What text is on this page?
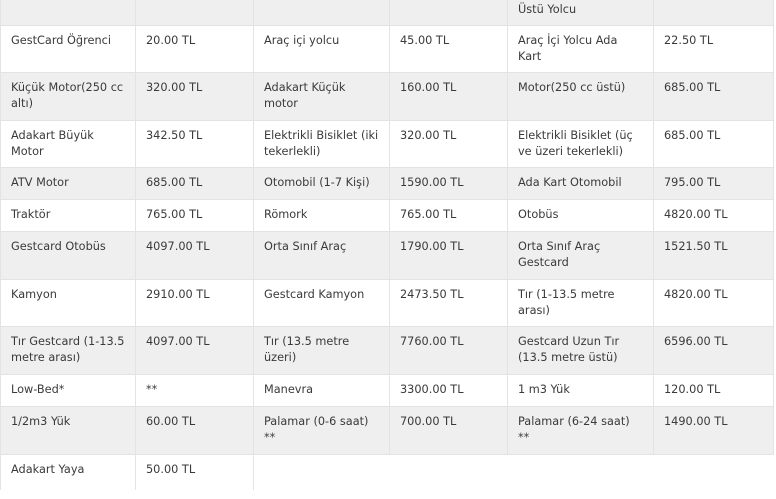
				Üstü Yolcu	
GestCard Öğrenci	20.00 TL	Araç içi yolcu	45.00 TL	Araç İçi Yolcu Ada Kart	22.50 TL
Küçük Motor(250 cc altı)	320.00 TL	Adakart Küçük motor	160.00 TL	Motor(250 cc üstü)	685.00 TL
Adakart Büyük Motor	342.50 TL	Elektrikli Bisiklet (iki tekerlekli)	320.00 TL	Elektrikli Bisiklet (üç ve üzeri tekerlekli)	685.00 TL
ATV Motor	685.00 TL	Otomobil (1-7 Kişi)	1590.00 TL	Ada Kart Otomobil	795.00 TL
Traktör	765.00 TL	Römork	765.00 TL	Otobüs	4820.00 TL
Gestcard Otobüs	4097.00 TL	Orta Sınıf Araç	1790.00 TL	Orta Sınıf Araç Gestcard	1521.50 TL
Kamyon	2910.00 TL	Gestcard Kamyon	2473.50 TL	Tır (1-13.5 metre arası)	4820.00 TL
Tır Gestcard (1-13.5 metre arası)	4097.00 TL	Tır (13.5 metre üzeri)	7760.00 TL	Gestcard Uzun Tır (13.5 metre üstü)	6596.00 TL
Low-Bed*	**	Manevra	3300.00 TL	1 m3 Yük	120.00 TL
1/2m3 Yük	60.00 TL	Palamar (0-6 saat) **	700.00 TL	Palamar (6-24 saat) **	1490.00 TL
Adakart Yaya	50.00 TL				
